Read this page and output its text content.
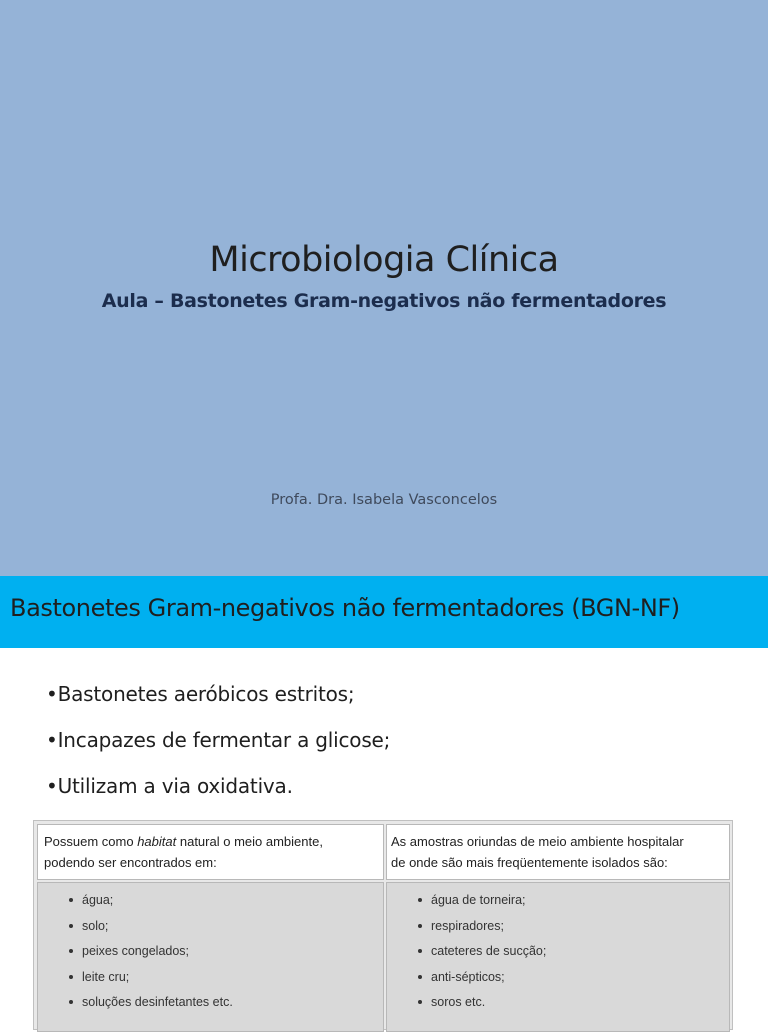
Microbiologia Clínica
Aula – Bastonetes Gram-negativos não fermentadores
Profa. Dra. Isabela Vasconcelos
Bastonetes Gram-negativos não fermentadores (BGN-NF)
•Bastonetes aeróbicos estritos;
•Incapazes de fermentar a glicose;
•Utilizam a via oxidativa.
Possuem como habitat natural o meio ambiente,
podendo ser encontrados em:
As amostras oriundas de meio ambiente hospitalar
de onde são mais freqüentemente isolados são:
água;
solo;
peixes congelados;
leite cru;
soluções desinfetantes etc.
água de torneira;
respiradores;
cateteres de sucção;
anti-sépticos;
soros etc.
